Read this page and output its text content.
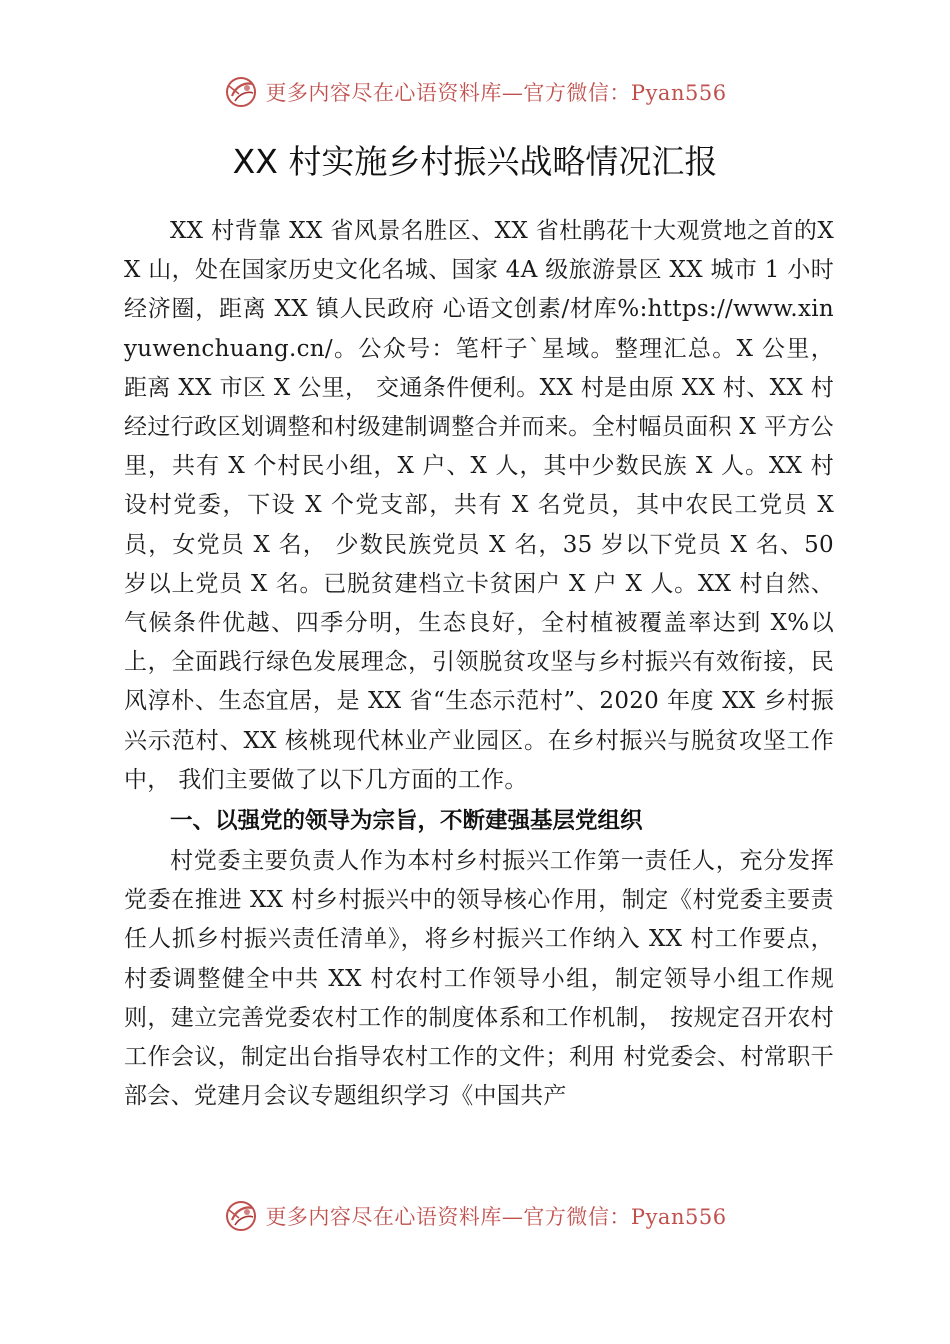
更多内容尽在心语资料库—官方微信：Pyan556
XX 村实施乡村振兴战略情况汇报

XX 村背靠 XX 省风景名胜区、XX 省杜鹃花十大观赏地之首的XX 山，处在国家历史文化名城、国家 4A 级旅游景区 XX 城市 1 小时经济圈，距离 XX 镇人民政府 心语文创素/材库%:https://www.xinyuwenchuang.cn/。公众号：笔杆子`星域。整理汇总。X 公里，距离 XX 市区 X 公里， 交通条件便利。XX 村是由原 XX 村、XX 村经过行政区划调整和村级建制调整合并而来。全村幅员面积 X 平方公里，共有 X 个村民小组，X 户、X 人，其中少数民族 X 人。XX 村设村党委，下设 X 个党支部，共有 X 名党员，其中农民工党员 X 员，女党员 X 名， 少数民族党员 X 名，35 岁以下党员 X 名、50 岁以上党员 X 名。已脱贫建档立卡贫困户 X 户 X 人。XX 村自然、气候条件优越、四季分明，生态良好，全村植被覆盖率达到 X%以上，全面践行绿色发展理念，引领脱贫攻坚与乡村振兴有效衔接，民风淳朴、生态宜居，是 XX 省“生态示范村”、2020 年度 XX 乡村振兴示范村、XX 核桃现代林业产业园区。在乡村振兴与脱贫攻坚工作中， 我们主要做了以下几方面的工作。

一、以强党的领导为宗旨，不断建强基层党组织

村党委主要负责人作为本村乡村振兴工作第一责任人，充分发挥党委在推进 XX 村乡村振兴中的领导核心作用，制定《村党委主要责任人抓乡村振兴责任清单》，将乡村振兴工作纳入 XX 村工作要点，村委调整健全中共 XX 村农村工作领导小组，制定领导小组工作规则，建立完善党委农村工作的制度体系和工作机制， 按规定召开农村工作会议，制定出台指导农村工作的文件；利用 村党委会、村常职干部会、党建月会议专题组织学习《中国共产

更多内容尽在心语资料库—官方微信：Pyan556
